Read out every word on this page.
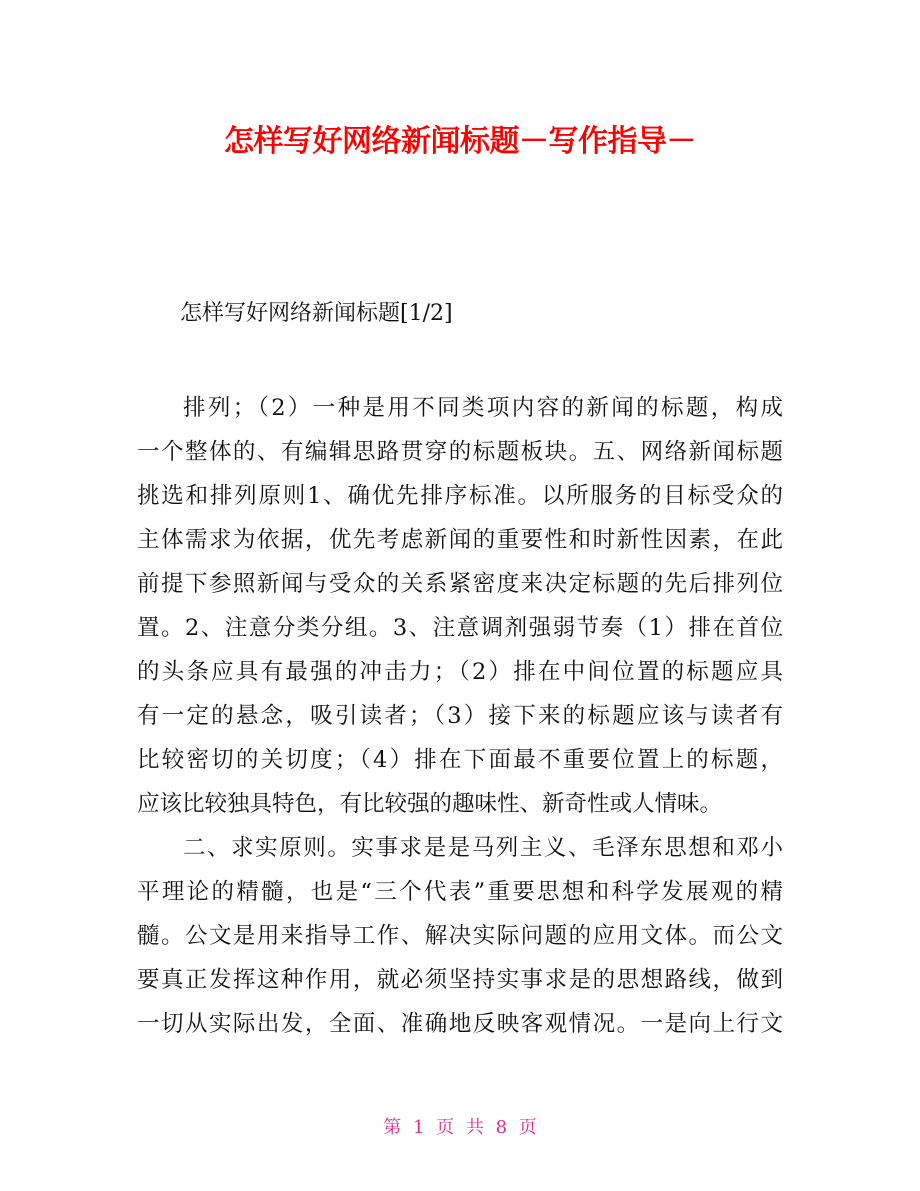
怎样写好网络新闻标题－写作指导－
怎样写好网络新闻标题[1/2]
排列；（2）一种是用不同类项内容的新闻的标题，构成
一个整体的、有编辑思路贯穿的标题板块。五、网络新闻标题
挑选和排列原则1、确优先排序标准。以所服务的目标受众的
主体需求为依据，优先考虑新闻的重要性和时新性因素，在此
前提下参照新闻与受众的关系紧密度来决定标题的先后排列位
置。2、注意分类分组。3、注意调剂强弱节奏（1）排在首位
的头条应具有最强的冲击力；（2）排在中间位置的标题应具
有一定的悬念，吸引读者；（3）接下来的标题应该与读者有
比较密切的关切度；（4）排在下面最不重要位置上的标题，
应该比较独具特色，有比较强的趣味性、新奇性或人情味。
二、求实原则。实事求是是马列主义、毛泽东思想和邓小
平理论的精髓，也是“三个代表”重要思想和科学发展观的精
髓。公文是用来指导工作、解决实际问题的应用文体。而公文
要真正发挥这种作用，就必须坚持实事求是的思想路线，做到
一切从实际出发，全面、准确地反映客观情况。一是向上行文
第 1 页 共 8 页
